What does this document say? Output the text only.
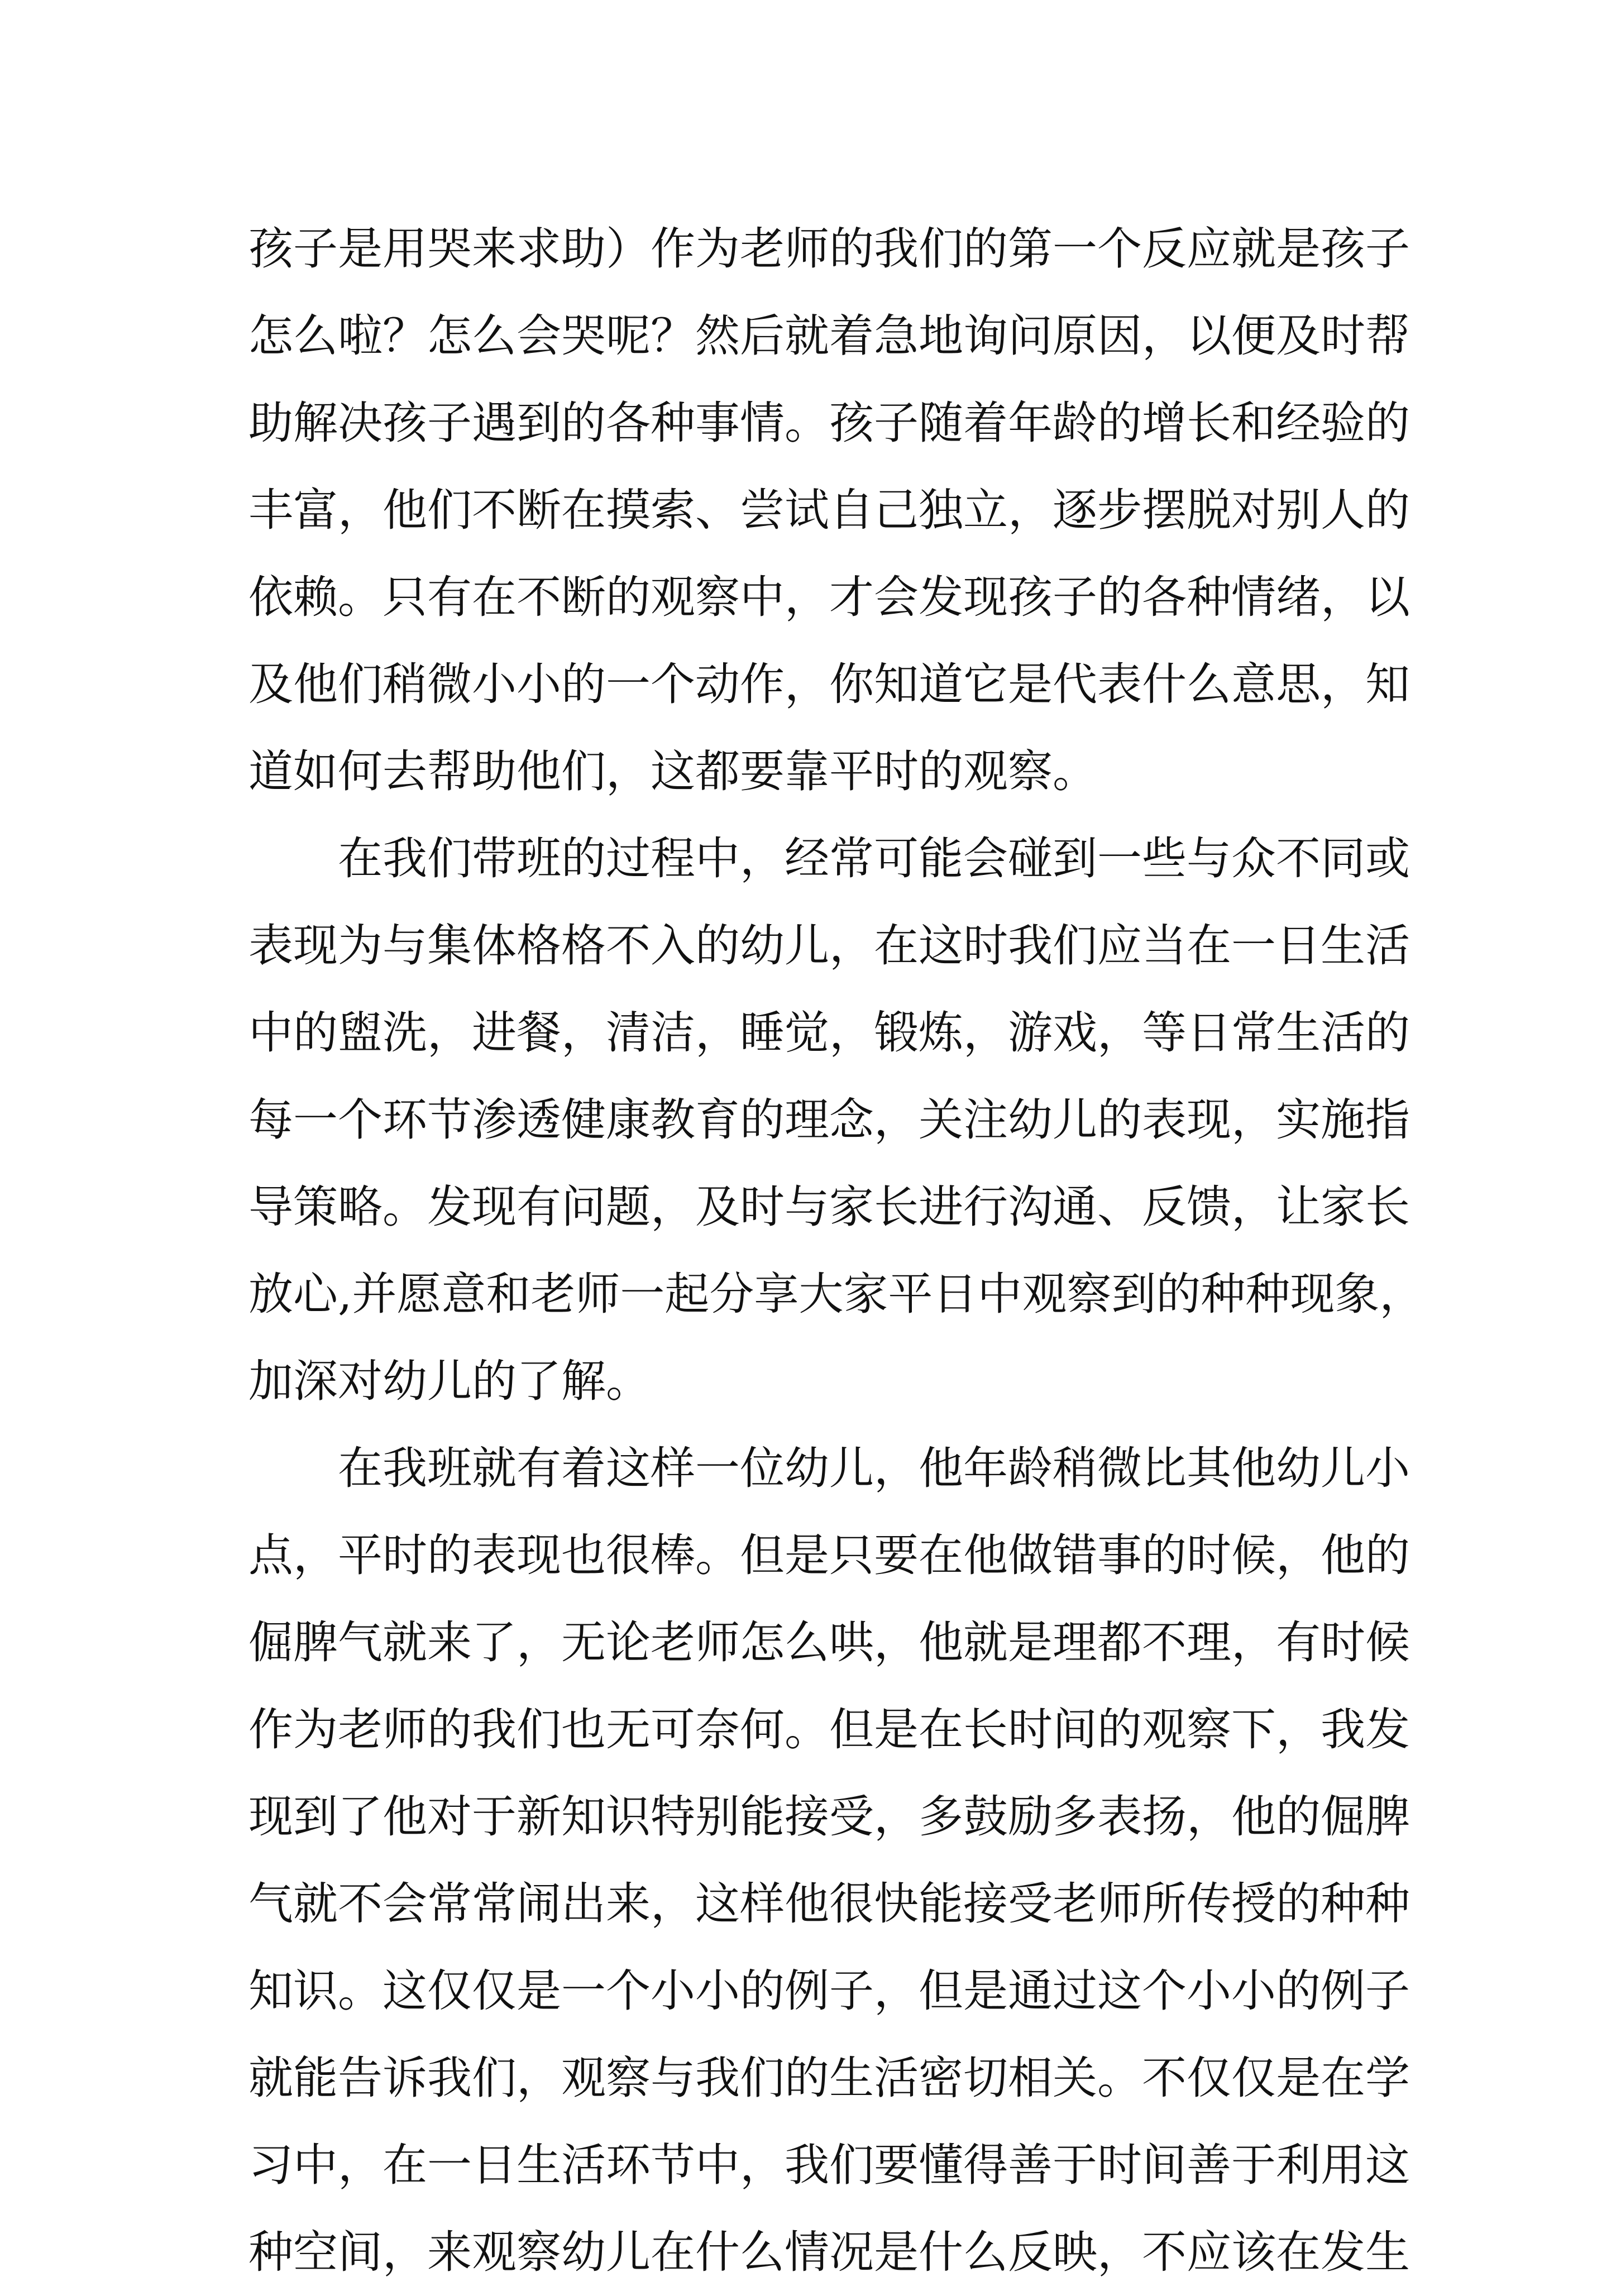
孩子是用哭来求助）作为老师的我们的第一个反应就是孩子
怎么啦？怎么会哭呢？然后就着急地询问原因，以便及时帮
助解决孩子遇到的各种事情。孩子随着年龄的增长和经验的
丰富，他们不断在摸索、尝试自己独立，逐步摆脱对别人的
依赖。只有在不断的观察中，才会发现孩子的各种情绪，以
及他们稍微小小的一个动作，你知道它是代表什么意思，知
道如何去帮助他们，这都要靠平时的观察。
在我们带班的过程中，经常可能会碰到一些与众不同或
表现为与集体格格不入的幼儿，在这时我们应当在一日生活
中的盥洗，进餐，清洁，睡觉，锻炼，游戏，等日常生活的
每一个环节渗透健康教育的理念，关注幼儿的表现，实施指
导策略。发现有问题，及时与家长进行沟通、反馈，让家长
放心,并愿意和老师一起分享大家平日中观察到的种种现象，
加深对幼儿的了解。
在我班就有着这样一位幼儿，他年龄稍微比其他幼儿小
点，平时的表现也很棒。但是只要在他做错事的时候，他的
倔脾气就来了，无论老师怎么哄，他就是理都不理，有时候
作为老师的我们也无可奈何。但是在长时间的观察下，我发
现到了他对于新知识特别能接受，多鼓励多表扬，他的倔脾
气就不会常常闹出来，这样他很快能接受老师所传授的种种
知识。这仅仅是一个小小的例子，但是通过这个小小的例子
就能告诉我们，观察与我们的生活密切相关。不仅仅是在学
习中，在一日生活环节中，我们要懂得善于时间善于利用这
种空间，来观察幼儿在什么情况是什么反映，不应该在发生
